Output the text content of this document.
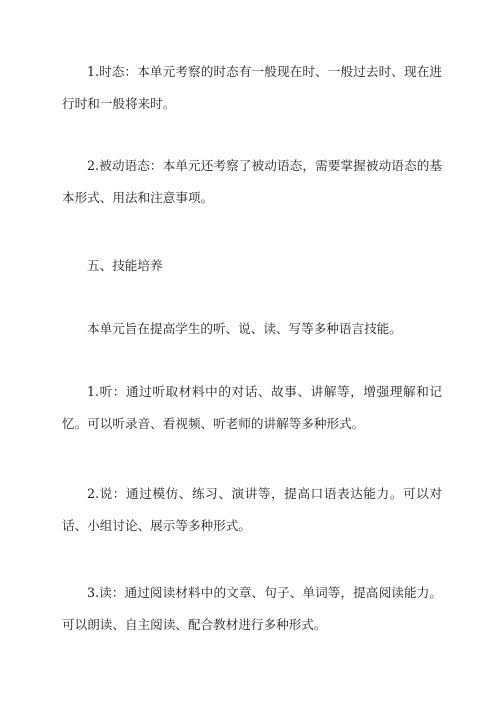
1.时态：本单元考察的时态有一般现在时、一般过去时、现在进行时和一般将来时。

2.被动语态：本单元还考察了被动语态，需要掌握被动语态的基本形式、用法和注意事项。

五、技能培养

本单元旨在提高学生的听、说、读、写等多种语言技能。

1.听：通过听取材料中的对话、故事、讲解等，增强理解和记忆。可以听录音、看视频、听老师的讲解等多种形式。

2.说：通过模仿、练习、演讲等，提高口语表达能力。可以对话、小组讨论、展示等多种形式。

3.读：通过阅读材料中的文章、句子、单词等，提高阅读能力。可以朗读、自主阅读、配合教材进行多种形式。
